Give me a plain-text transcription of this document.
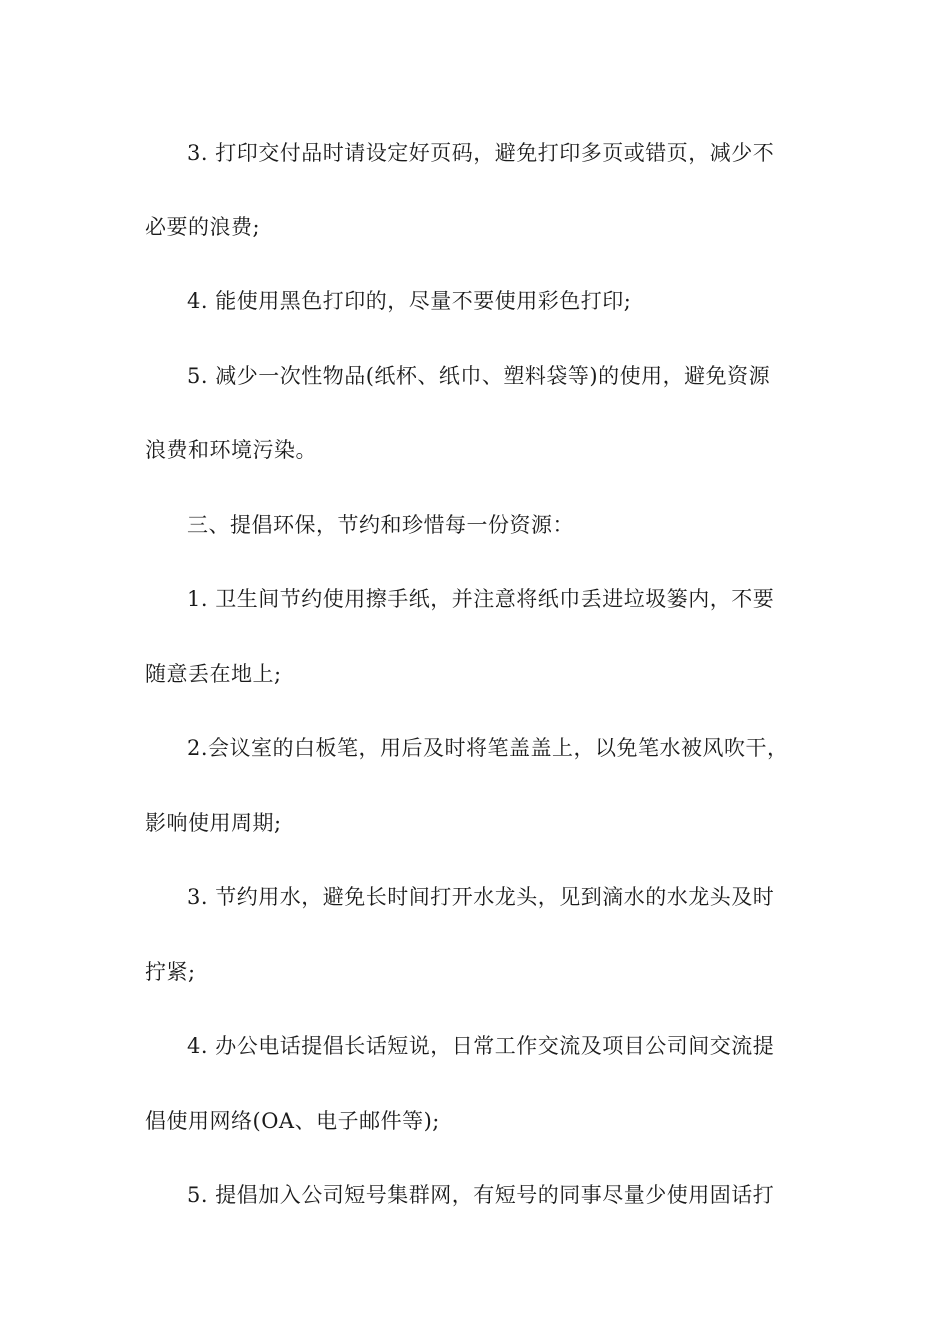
3. 打印交付品时请设定好页码，避免打印多页或错页，减少不
必要的浪费;
4. 能使用黑色打印的，尽量不要使用彩色打印;
5. 减少一次性物品(纸杯、纸巾、塑料袋等)的使用，避免资源
浪费和环境污染。
三、提倡环保，节约和珍惜每一份资源：
1. 卫生间节约使用擦手纸，并注意将纸巾丢进垃圾篓内，不要
随意丢在地上;
2.会议室的白板笔，用后及时将笔盖盖上，以免笔水被风吹干，
影响使用周期;
3. 节约用水，避免长时间打开水龙头，见到滴水的水龙头及时
拧紧;
4. 办公电话提倡长话短说，日常工作交流及项目公司间交流提
倡使用网络(OA、电子邮件等);
5. 提倡加入公司短号集群网，有短号的同事尽量少使用固话打
